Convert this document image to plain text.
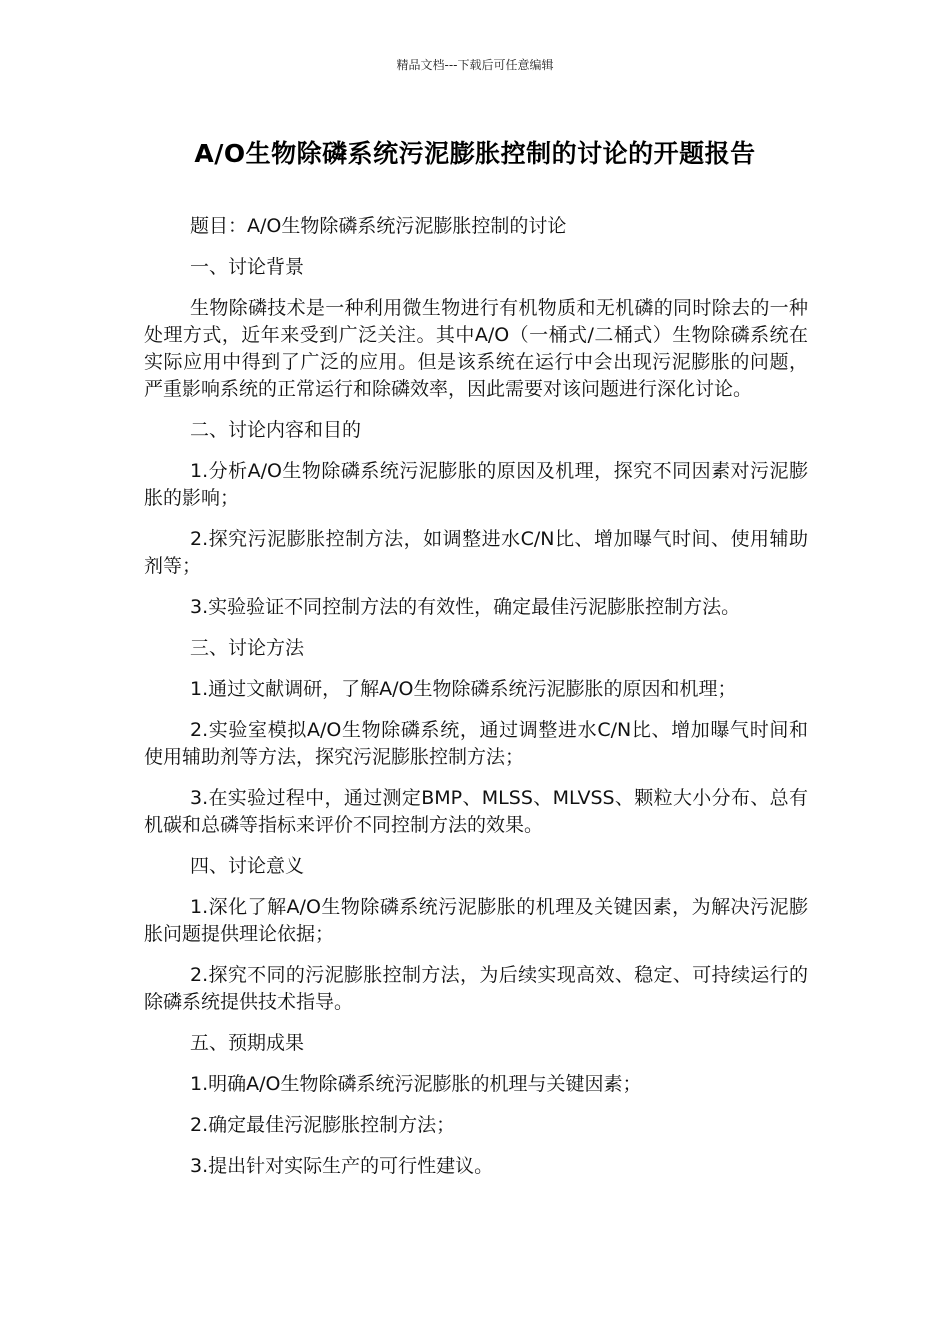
精品文档---下载后可任意编辑
A/O生物除磷系统污泥膨胀控制的讨论的开题报告

题目：A/O生物除磷系统污泥膨胀控制的讨论

一、讨论背景

生物除磷技术是一种利用微生物进行有机物质和无机磷的同时除去的一种处理方式，近年来受到广泛关注。其中A/O（一桶式/二桶式）生物除磷系统在实际应用中得到了广泛的应用。但是该系统在运行中会出现污泥膨胀的问题，严重影响系统的正常运行和除磷效率，因此需要对该问题进行深化讨论。

二、讨论内容和目的

1.分析A/O生物除磷系统污泥膨胀的原因及机理，探究不同因素对污泥膨胀的影响；

2.探究污泥膨胀控制方法，如调整进水C/N比、增加曝气时间、使用辅助剂等；

3.实验验证不同控制方法的有效性，确定最佳污泥膨胀控制方法。

三、讨论方法

1.通过文献调研，了解A/O生物除磷系统污泥膨胀的原因和机理；

2.实验室模拟A/O生物除磷系统，通过调整进水C/N比、增加曝气时间和使用辅助剂等方法，探究污泥膨胀控制方法；

3.在实验过程中，通过测定BMP、MLSS、MLVSS、颗粒大小分布、总有机碳和总磷等指标来评价不同控制方法的效果。

四、讨论意义

1.深化了解A/O生物除磷系统污泥膨胀的机理及关键因素，为解决污泥膨胀问题提供理论依据；

2.探究不同的污泥膨胀控制方法，为后续实现高效、稳定、可持续运行的除磷系统提供技术指导。

五、预期成果

1.明确A/O生物除磷系统污泥膨胀的机理与关键因素；

2.确定最佳污泥膨胀控制方法；

3.提出针对实际生产的可行性建议。
